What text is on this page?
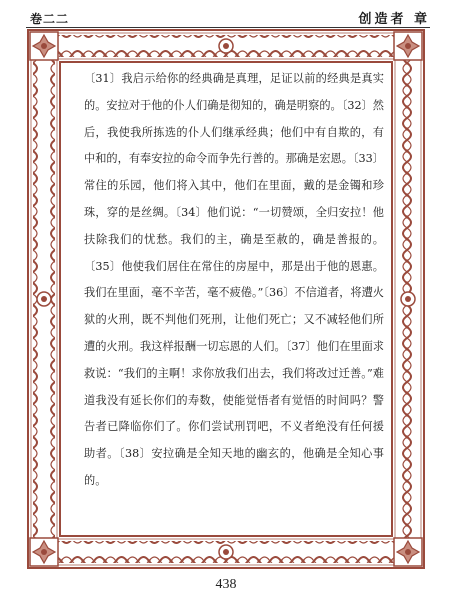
卷二二	创造者 章

〔31〕我启示给你的经典确是真理，足证以前的经典是真实的。安拉对于他的仆人们确是彻知的，确是明察的。〔32〕然后，我使我所拣选的仆人们继承经典；他们中有自欺的，有中和的，有奉安拉的命令而争先行善的。那确是宏恩。〔33〕常住的乐园，他们将入其中，他们在里面，戴的是金镯和珍珠，穿的是丝绸。〔34〕他们说：“一切赞颂，全归安拉！他扶除我们的忧愁。我们的主，确是至赦的，确是善报的。〔35〕他使我们居住在常住的房屋中，那是出于他的恩惠。我们在里面，毫不辛苦，毫不疲倦。”〔36〕不信道者，将遭火狱的火刑，既不判他们死刑，让他们死亡；又不减轻他们所遭的火刑。我这样报酬一切忘恩的人们。〔37〕他们在里面求救说：“我们的主啊！求你放我们出去，我们将改过迁善。”难道我没有延长你们的寿数，使能觉悟者有觉悟的时间吗？警告者已降临你们了。你们尝试刑罚吧，不义者绝没有任何援助者。〔38〕安拉确是全知天地的幽玄的，他确是全知心事的。

438
